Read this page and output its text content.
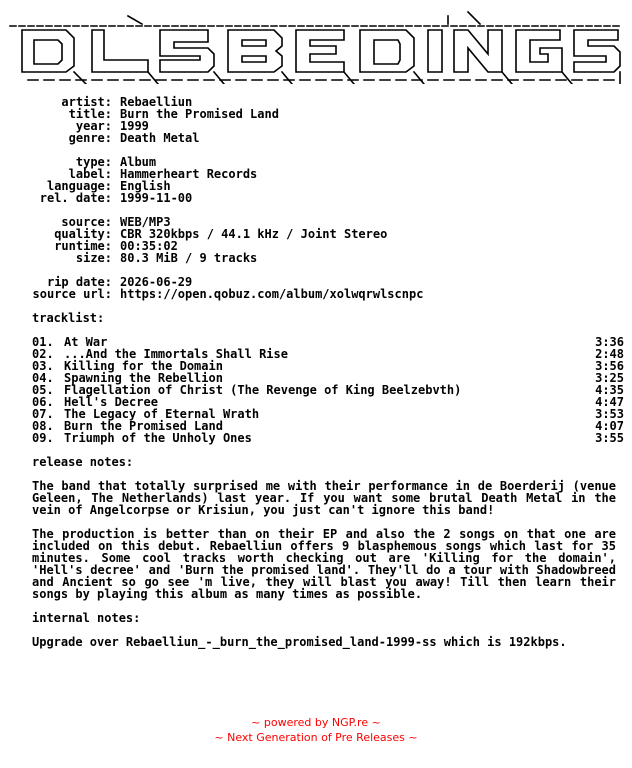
artist: Rebaelliun
title: Burn the Promised Land
year: 1999
genre: Death Metal
type: Album
label: Hammerheart Records
language: English
rel. date: 1999-11-00
source: WEB/MP3
quality: CBR 320kbps / 44.1 kHz / Joint Stereo
runtime: 00:35:02
size: 80.3 MiB / 9 tracks
rip date: 2026-06-29
source url: https://open.qobuz.com/album/xolwqrwlscnpc
tracklist:
01. At War	3:36
02. ...And the Immortals Shall Rise	2:48
03. Killing for the Domain	3:56
04. Spawning the Rebellion	3:25
05. Flagellation of Christ (The Revenge of King Beelzebvth)	4:35
06. Hell's Decree	4:47
07. The Legacy of Eternal Wrath	3:53
08. Burn the Promised Land	4:07
09. Triumph of the Unholy Ones	3:55
release notes:
The band that totally surprised me with their performance in de Boerderij (venue Geleen, The Netherlands) last year. If you want some brutal Death Metal in the vein of Angelcorpse or Krisiun, you just can't ignore this band!
The production is better than on their EP and also the 2 songs on that one are included on this debut. Rebaelliun offers 9 blasphemous songs which last for 35 minutes. Some cool tracks worth checking out are 'Killing for the domain', 'Hell's decree' and 'Burn the promised land'. They'll do a tour with Shadowbreed and Ancient so go see 'm live, they will blast you away! Till then learn their songs by playing this album as many times as possible.
internal notes:
Upgrade over Rebaelliun_-_burn_the_promised_land-1999-ss which is 192kbps.
~ powered by NGP.re ~
~ Next Generation of Pre Releases ~
